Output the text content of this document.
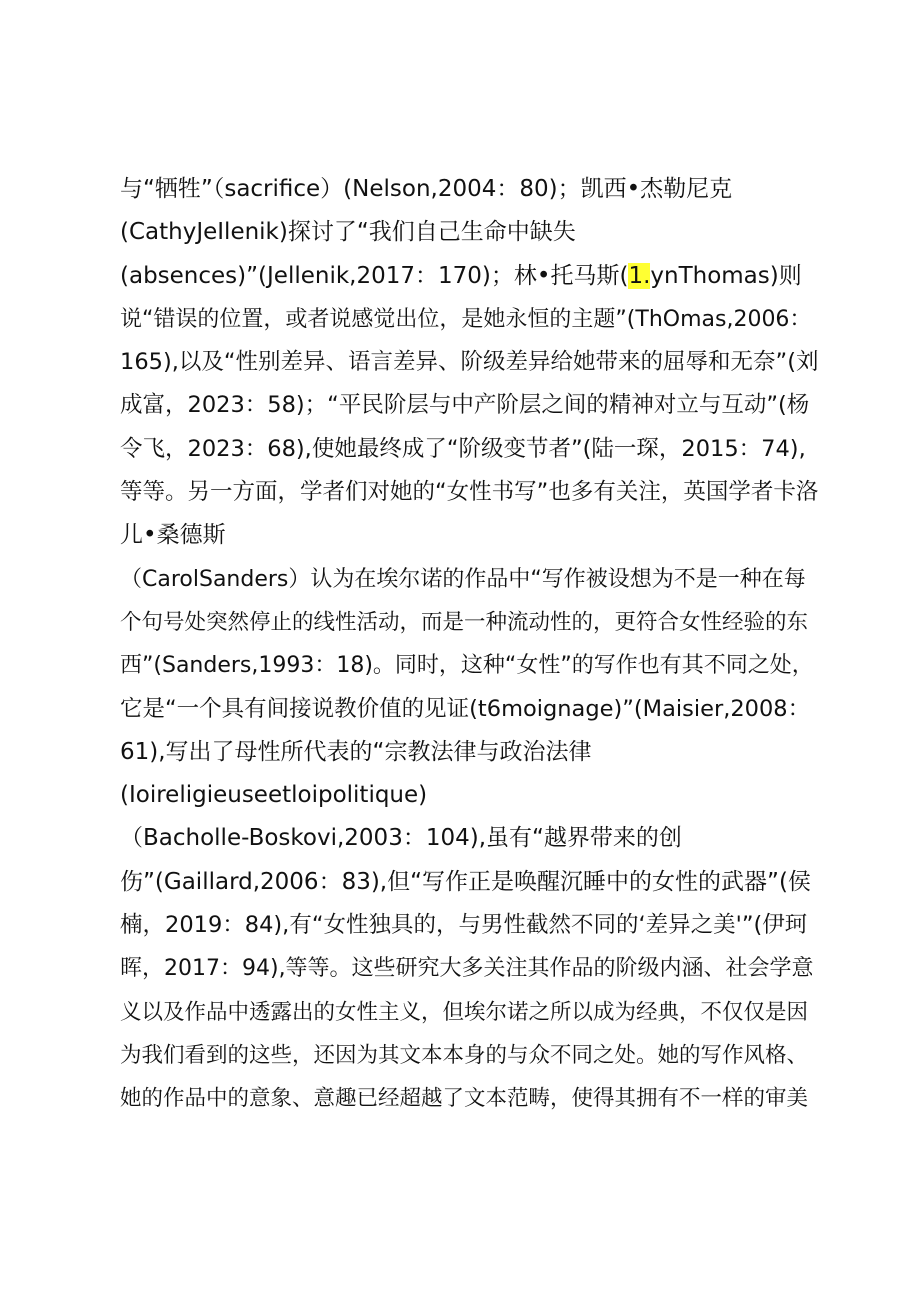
与“牺牲”（sacrifice）(Nelson,2004：80)；凯西•杰勒尼克
(CathyJeIlenik)探讨了“我们自己生命中缺失
(absences)”(Jellenik,2017：170)；林•托马斯(1.ynThomas)则
说“错误的位置，或者说感觉出位，是她永恒的主题”(ThOmas,2006：
165),以及“性别差异、语言差异、阶级差异给她带来的屈辱和无奈”(刘
成富，2023：58)；“平民阶层与中产阶层之间的精神对立与互动”(杨
令飞，2023：68),使她最终成了“阶级变节者”(陆一琛，2015：74),
等等。另一方面，学者们对她的“女性书写”也多有关注，英国学者卡洛
儿•桑德斯
（CarolSanders）认为在埃尔诺的作品中“写作被设想为不是一种在每
个句号处突然停止的线性活动，而是一种流动性的，更符合女性经验的东
西”(Sanders,1993：18)。同时，这种“女性”的写作也有其不同之处，
它是“一个具有间接说教价值的见证(t6moignage)”(Maisier,2008：
61),写出了母性所代表的“宗教法律与政治法律
(Ioireligieuseetloipolitique)
（Bacholle-Boskovi,2003：104),虽有“越界带来的创
伤”(Gaillard,2006：83),但“写作正是唤醒沉睡中的女性的武器”(侯
楠，2019：84),有“女性独具的，与男性截然不同的‘差异之美'”(伊珂
晖，2017：94),等等。这些研究大多关注其作品的阶级内涵、社会学意
义以及作品中透露出的女性主义，但埃尔诺之所以成为经典，不仅仅是因
为我们看到的这些，还因为其文本本身的与众不同之处。她的写作风格、
她的作品中的意象、意趣已经超越了文本范畴，使得其拥有不一样的审美
